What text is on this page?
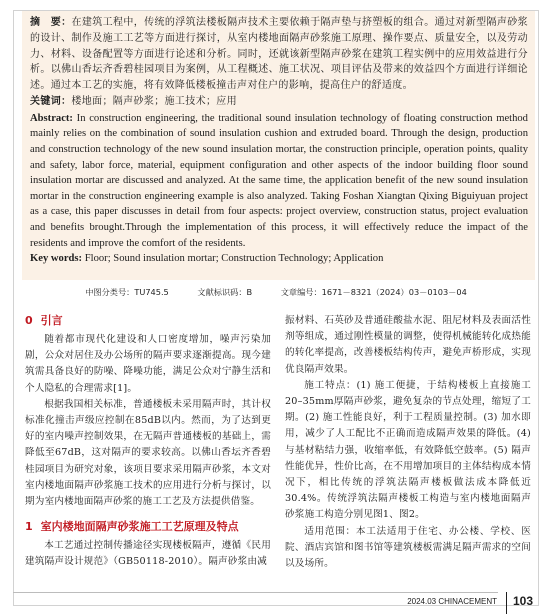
摘　要：在建筑工程中，传统的浮筑法楼板隔声技术主要依赖于隔声垫与挤塑板的组合。通过对新型隔声砂浆的设计、制作及施工工艺等方面进行探讨，从室内楼地面隔声砂浆施工原理、操作要点、质量安全，以及劳动力、材料、设备配置等方面进行论述和分析。同时，还就该新型隔声砂浆在建筑工程实例中的应用效益进行分析。以佛山香坛齐香碧桂园项目为案例，从工程概述、施工状况、项目评估及带来的效益四个方面进行详细论述。通过本工艺的实施，将有效降低楼板撞击声对住户的影响，提高住户的舒适度。

关键词：楼地面；隔声砂浆；施工技术；应用

Abstract: In construction engineering, the traditional sound insulation technology of floating construction method mainly relies on the combination of sound insulation cushion and extruded board. Through the design, production and construction technology of the new sound insulation mortar, the construction principle, operation points, quality and safety, labor force, material, equipment configuration and other aspects of the indoor building floor sound insulation mortar are discussed and analyzed. At the same time, the application benefit of the new sound insulation mortar in the construction engineering example is also analyzed. Taking Foshan Xiangtan Qixing Biguiyuan project as a case, this paper discusses in detail from four aspects: project overview, construction status, project evaluation and benefits brought.Through the implementation of this process, it will effectively reduce the impact of the residents and improve the comfort of the residents.

Key words: Floor; Sound insulation mortar; Construction Technology; Application

中图分类号：TU745.5	文献标识码：B	文章编号：1671－8321（2024）03－0103－04
0 引言

随着都市现代化建设和人口密度增加，噪声污染加剧，公众对居住及办公场所的隔声要求逐渐提高。现今建筑需具备良好的防噪、降噪功能，满足公众对宁静生活和个人隐私的合理需求[1]。

根据我国相关标准，普通楼板未采用隔声时，其计权标准化撞击声级应控制在85dB以内。然而，为了达到更好的室内噪声控制效果，在无隔声普通楼板的基础上，需降低至67dB，这对隔声的要求较高。以佛山香坛齐香碧桂园项目为研究对象，该项目要求采用隔声砂浆，本文对室内楼地面隔声砂浆施工技术的应用进行分析与探讨，以期为室内楼地面隔声砂浆的施工工艺及方法提供借鉴。

1 室内楼地面隔声砂浆施工工艺原理及特点

本工艺通过控制传播途径实现楼板隔声，遵循《民用建筑隔声设计规范》（GB50118-2010）。隔声砂浆由减

振材料、石英砂及普通硅酸盐水泥、阻尼材料及表面活性剂等组成，通过刚性模量的调整，使得机械能转化成热能的转化率提高，改善楼板结构传声，避免声桥形成，实现优良隔声效果。

施工特点：(1) 施工便捷，于结构楼板上直接施工20–35mm厚隔声砂浆，避免复杂的节点处理，缩短了工期。(2) 施工性能良好，利于工程质量控制。(3) 加水即用，减少了人工配比不正确而造成隔声效果的降低。(4) 与基材粘结力强，收缩率低，有效降低空鼓率。(5) 隔声性能优异，性价比高，在不用增加项目的主体结构成本情况下，相比传统的浮筑法隔声楼板做法成本降低近30.4%。传统浮筑法隔声楼板工构造与室内楼地面隔声砂浆施工构造分别见图1、图2。

适用范围：本工法适用于住宅、办公楼、学校、医院、酒店宾馆和图书馆等建筑楼板需满足隔声需求的空间以及场所。

2024.03 CHINACEMENT 103
